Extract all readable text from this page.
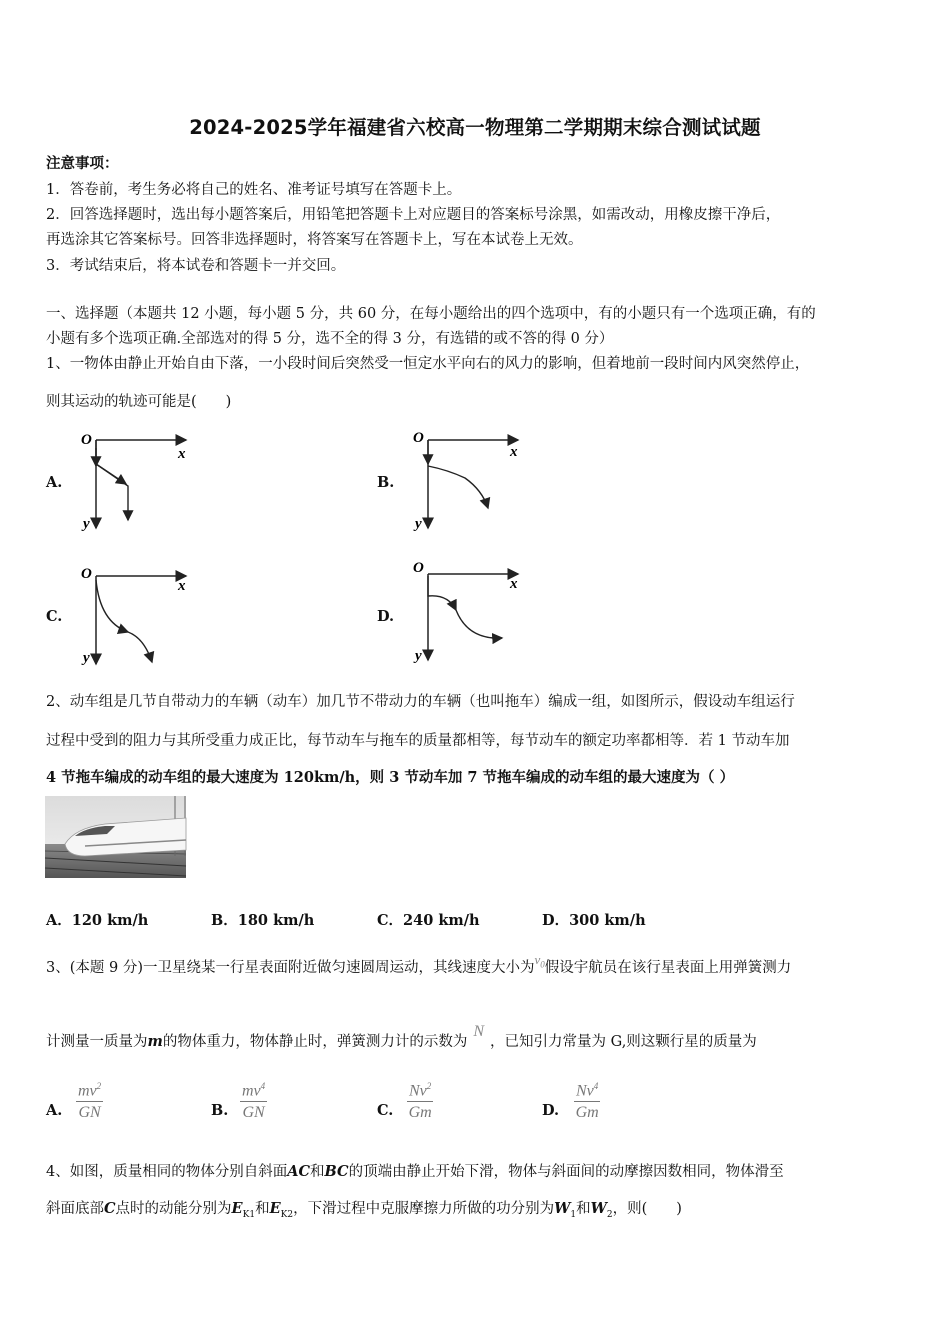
2024-2025学年福建省六校高一物理第二学期期末综合测试试题
注意事项：
1．答卷前，考生务必将自己的姓名、准考证号填写在答题卡上。
2．回答选择题时，选出每小题答案后，用铅笔把答题卡上对应题目的答案标号涂黑，如需改动，用橡皮擦干净后，
再选涂其它答案标号。回答非选择题时，将答案写在答题卡上，写在本试卷上无效。
3．考试结束后，将本试卷和答题卡一并交回。
一、选择题（本题共 12 小题，每小题 5 分，共 60 分，在每小题给出的四个选项中，有的小题只有一个选项正确，有的
小题有多个选项正确.全部选对的得 5 分，选不全的得 3 分，有选错的或不答的得 0 分）
1、一物体由静止开始自由下落，一小段时间后突然受一恒定水平向右的风力的影响，但着地前一段时间内风突然停止，
则其运动的轨迹可能是(　　)
A.	B.
C.	D.
O
x
y
O
x
y
O
x
y
O
x
y
2、动车组是几节自带动力的车辆（动车）加几节不带动力的车辆（也叫拖车）编成一组，如图所示，假设动车组运行
过程中受到的阻力与其所受重力成正比，每节动车与拖车的质量都相等，每节动车的额定功率都相等．若 1 节动车加
4 节拖车编成的动车组的最大速度为 120km/h，则 3 节动车加 7 节拖车编成的动车组的最大速度为（ ）
A．120 km/h	B．180 km/h	C．240 km/h	D．300 km/h
3、(本题 9 分)一卫星绕某一行星表面附近做匀速圆周运动，其线速度大小为$v_0$假设宇航员在该行星表面上用弹簧测力
计测量一质量为m的物体重力，物体静止时，弹簧测力计的示数为N，已知引力常量为 G,则这颗行星的质量为
A. $\frac{mv^2}{GN}$	B. $\frac{mv^4}{GN}$	C. $\frac{Nv^2}{Gm}$	D. $\frac{Nv^4}{Gm}$
4、如图，质量相同的物体分别自斜面AC和BC的顶端由静止开始下滑，物体与斜面间的动摩擦因数相同，物体滑至
斜面底部C点时的动能分别为$E_{K1}$和$E_{K2}$，下滑过程中克服摩擦力所做的功分别为$W_1$和$W_2$，则(　　)
